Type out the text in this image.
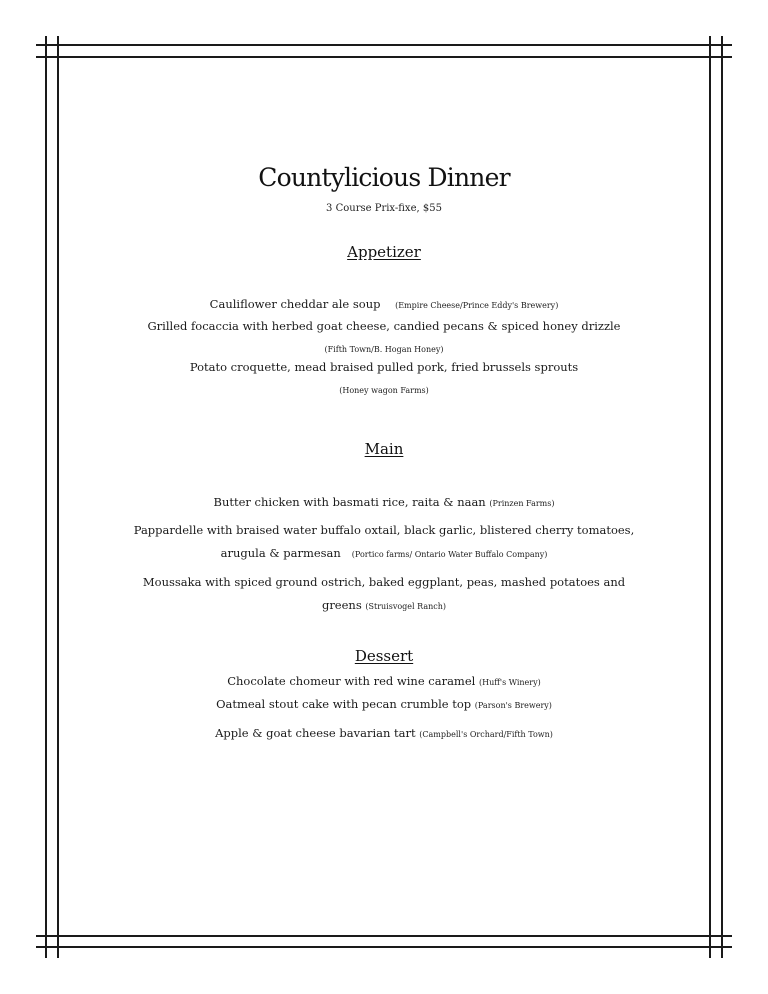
Countylicious Dinner
3 Course Prix-fixe, $55
Appetizer
Cauliflower cheddar ale soup (Empire Cheese/Prince Eddy's Brewery)
Grilled focaccia with herbed goat cheese, candied pecans & spiced honey drizzle
(Fifth Town/B. Hogan Honey)
Potato croquette, mead braised pulled pork, fried brussels sprouts
(Honey wagon Farms)
Main
Butter chicken with basmati rice, raita & naan (Prinzen Farms)
Pappardelle with braised water buffalo oxtail, black garlic, blistered cherry tomatoes,
arugula & parmesan (Portico farms/ Ontario Water Buffalo Company)
Moussaka with spiced ground ostrich, baked eggplant, peas, mashed potatoes and
greens (Struisvogel Ranch)
Dessert
Chocolate chomeur with red wine caramel (Huff's Winery)
Oatmeal stout cake with pecan crumble top (Parson's Brewery)
Apple & goat cheese bavarian tart (Campbell's Orchard/Fifth Town)
